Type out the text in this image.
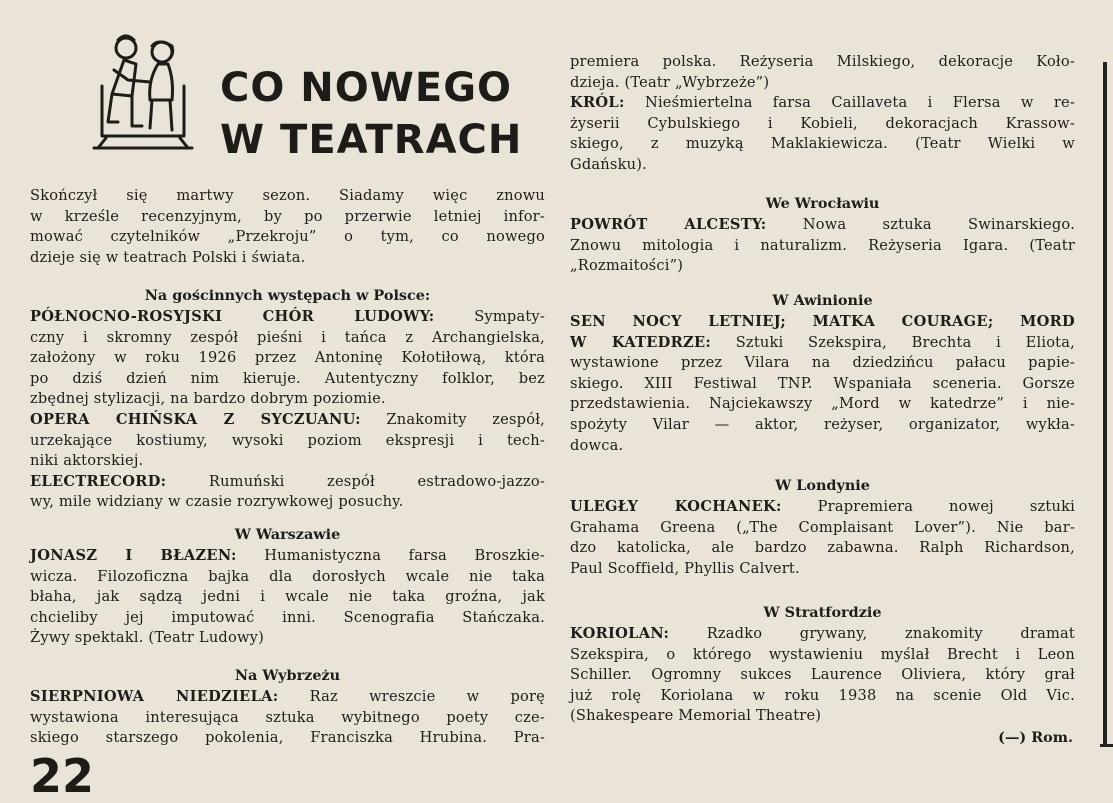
CO NOWEGO
W TEATRACH

Skończył się martwy sezon. Siadamy więc znowu
w krześle recenzyjnym, by po przerwie letniej infor-
mować czytelników „Przekroju” o tym, co nowego
dzieje się w teatrach Polski i świata.

Na gościnnych występach w Polsce:

PÓŁNOCNO-ROSYJSKI CHÓR LUDOWY: Sympaty-
czny i skromny zespół pieśni i tańca z Archangielska,
założony w roku 1926 przez Antoninę Kołotiłową, która
po dziś dzień nim kieruje. Autentyczny folklor, bez
zbędnej stylizacji, na bardzo dobrym poziomie.

OPERA CHIŃSKA Z SYCZUANU: Znakomity zespół,
urzekające kostiumy, wysoki poziom ekspresji i tech-
niki aktorskiej.

ELECTRECORD: Rumuński zespół estradowo-jazzo-
wy, mile widziany w czasie rozrywkowej posuchy.

W Warszawie

JONASZ I BŁAZEN: Humanistyczna farsa Broszkie-
wicza. Filozoficzna bajka dla dorosłych wcale nie taka
błaha, jak sądzą jedni i wcale nie taka groźna, jak
chcieliby jej imputować inni. Scenografia Stańczaka.
Żywy spektakl. (Teatr Ludowy)

Na Wybrzeżu

SIERPNIOWA NIEDZIELA: Raz wreszcie w porę
wystawiona interesująca sztuka wybitnego poety cze-
skiego starszego pokolenia, Franciszka Hrubina. Pra-

premiera polska. Reżyseria Milskiego, dekoracje Koło-
dzieja. (Teatr „Wybrzeże”)

KRÓL: Nieśmiertelna farsa Caillaveta i Flersa w re-
żyserii Cybulskiego i Kobieli, dekoracjach Krassow-
skiego, z muzyką Maklakiewicza. (Teatr Wielki w
Gdańsku).

We Wrocławiu

POWRÓT ALCESTY: Nowa sztuka Swinarskiego.
Znowu mitologia i naturalizm. Reżyseria Igara. (Teatr
„Rozmaitości”)

W Awinionie

SEN NOCY LETNIEJ; MATKA COURAGE; MORD
W KATEDRZE: Sztuki Szekspira, Brechta i Eliota,
wystawione przez Vilara na dziedzińcu pałacu papie-
skiego. XIII Festiwal TNP. Wspaniała sceneria. Gorsze
przedstawienia. Najciekawszy „Mord w katedrze” i nie-
spożyty Vilar — aktor, reżyser, organizator, wykła-
dowca.

W Londynie

ULEGŁY KOCHANEK: Prapremiera nowej sztuki
Grahama Greena („The Complaisant Lover”). Nie bar-
dzo katolicka, ale bardzo zabawna. Ralph Richardson,
Paul Scoffield, Phyllis Calvert.

W Stratfordzie

KORIOLAN: Rzadko grywany, znakomity dramat
Szekspira, o którego wystawieniu myślał Brecht i Leon
Schiller. Ogromny sukces Laurence Oliviera, który grał
już rolę Koriolana w roku 1938 na scenie Old Vic.
(Shakespeare Memorial Theatre)

(—) Rom.
22
